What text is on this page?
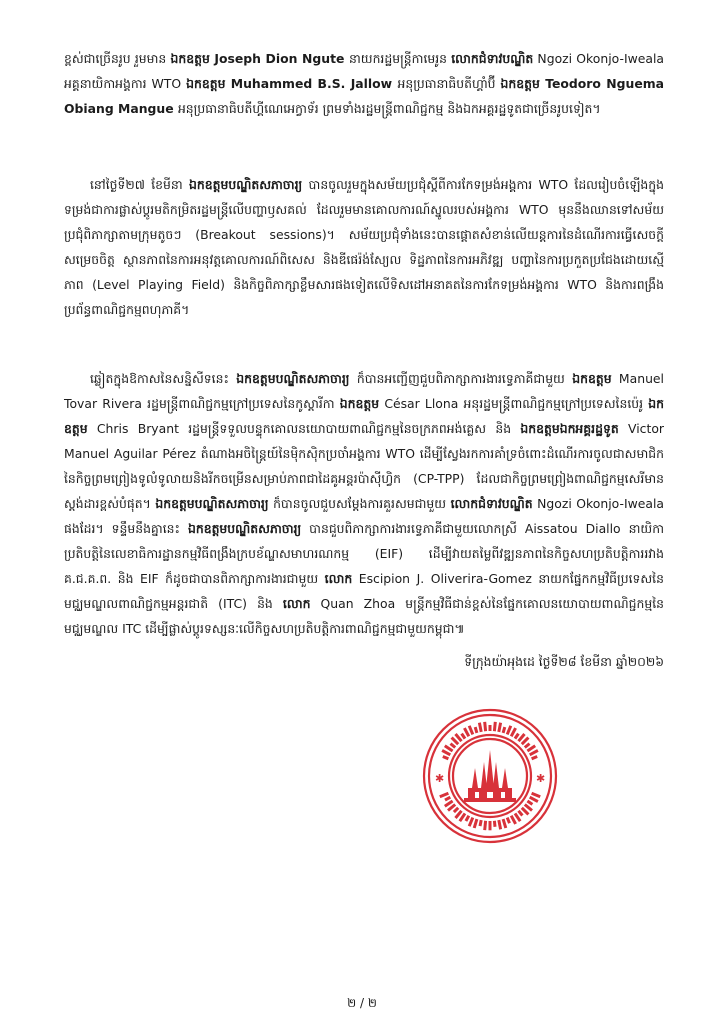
ខ្ពស់ជាច្រើនរូប រួមមាន ឯកឧត្តម Joseph Dion Ngute នាយករដ្ឋមន្ត្រីកាមេរូន លោកជំទាវបណ្ឌិត Ngozi Okonjo-Iweala អគ្គនាយិកាអង្គការ WTO ឯកឧត្តម Muhammed B.S. Jallow អនុប្រធានាធិបតីហ្គាំប៊ី ឯកឧត្តម Teodoro Nguema Obiang Mangue អនុប្រធានាធិបតីហ្គីណេអេក្វាទ័រ ព្រមទាំងរដ្ឋមន្ត្រីពាណិជ្ជកម្ម និងឯកអគ្គរដ្ឋទូតជាច្រើនរូបទៀត។

នៅថ្ងៃទី២៧ ខែមីនា ឯកឧត្តមបណ្ឌិតសភាចារ្យ បានចូលរួមក្នុងសម័យប្រជុំស្ដីពីការកែទម្រង់អង្គការ WTO ដែលរៀបចំឡើងក្នុងទម្រង់ជាការផ្លាស់ប្ដូរមតិកម្រិតរដ្ឋមន្ត្រីលើបញ្ហាឫសគល់ ដែលរួមមានគោលការណ៍ស្នូលរបស់អង្គការ WTO មុននឹងឈានទៅសម័យប្រជុំពិភាក្សាតាមក្រុមតូចៗ (Breakout sessions)។ សម័យប្រជុំទាំងនេះបានផ្ដោតសំខាន់លើយន្តការនៃដំណើរការធ្វើសេចក្ដីសម្រេចចិត្ត ស្ថានភាពនៃការអនុវត្តគោលការណ៍ពិសេស និងឌីផេរ៉ង់ស្យែល ទិដ្ឋភាពនៃការអភិវឌ្ឍ បញ្ហានៃការប្រកួតប្រជែងដោយស្មើភាព (Level Playing Field) និងកិច្ចពិភាក្សាខ្លឹមសារផងទៀតលើទិសដៅអនាគតនៃការកែទម្រង់អង្គការ WTO និងការពង្រឹងប្រព័ន្ធពាណិជ្ជកម្មពហុភាគី។

ឆ្លៀតក្នុងឱកាសនៃសន្និសីទនេះ ឯកឧត្តមបណ្ឌិតសភាចារ្យ ក៏បានអញ្ជើញជួបពិភាក្សាការងារទ្វេភាគីជាមួយ ឯកឧត្តម Manuel Tovar Rivera រដ្ឋមន្ត្រីពាណិជ្ជកម្មក្រៅប្រទេសនៃកូស្តារីកា ឯកឧត្តម César Llona អនុរដ្ឋមន្ត្រីពាណិជ្ជកម្មក្រៅប្រទេសនៃប៉េរូ ឯកឧត្តម Chris Bryant រដ្ឋមន្ត្រីទទួលបន្ទុកគោលនយោបាយពាណិជ្ជកម្មនៃចក្រភពអង់គ្លេស និង ឯកឧត្តមឯកអគ្គរដ្ឋទូត Victor Manuel Aguilar Pérez តំណាងអចិន្ត្រៃយ៍នៃម៉ិកស៊ិកប្រចាំអង្គការ WTO ដើម្បីស្វែងរកការគាំទ្រចំពោះដំណើរការចូលជាសមាជិកនៃកិច្ចព្រមព្រៀងទូលំទូលាយនិងរីកចម្រើនសម្រាប់ភាពជាដៃគូអន្តរប៉ាស៊ីហ្វិក (CP-TPP) ដែលជាកិច្ចព្រមព្រៀងពាណិជ្ជកម្មសេរីមានស្តង់ដារខ្ពស់បំផុត។ ឯកឧត្តមបណ្ឌិតសភាចារ្យ ក៏បានចូលជួបសម្ដែងការគួរសមជាមួយ លោកជំទាវបណ្ឌិត Ngozi Okonjo-Iweala ផងដែរ។ ទន្ទឹមនឹងគ្នានេះ ឯកឧត្តមបណ្ឌិតសភាចារ្យ បានជួបពិភាក្សាការងារទ្វេភាគីជាមួយលោកស្រី Aissatou Diallo នាយិកាប្រតិបត្តិនៃលេខាធិការដ្ឋានកម្មវិធីពង្រឹងក្របខ័ណ្ឌសមាហរណកម្ម (EIF) ដើម្បីវាយតម្លៃពីវឌ្ឍនភាពនៃកិច្ចសហប្រតិបត្តិការរវាង គ.ជ.គ.ព. និង EIF ក៏ដូចជាបានពិភាក្សាការងារជាមួយ លោក Escipion J. Oliverira-Gomez នាយកផ្នែកកម្មវិធីប្រទេសនៃមជ្ឈមណ្ឌលពាណិជ្ជកម្មអន្តរជាតិ (ITC) និង លោក Quan Zhoa មន្ត្រីកម្មវិធីជាន់ខ្ពស់នៃផ្នែកគោលនយោបាយពាណិជ្ជកម្មនៃមជ្ឈមណ្ឌល ITC ដើម្បីផ្លាស់ប្ដូរទស្សនៈលើកិច្ចសហប្រតិបត្តិការពាណិជ្ជកម្មជាមួយកម្ពុជា៕

ទីក្រុងយ៉ាអុងដេ ថ្ងៃទី២៨ ខែមីនា ឆ្នាំ២០២៦
✱	✱
២ / ២
